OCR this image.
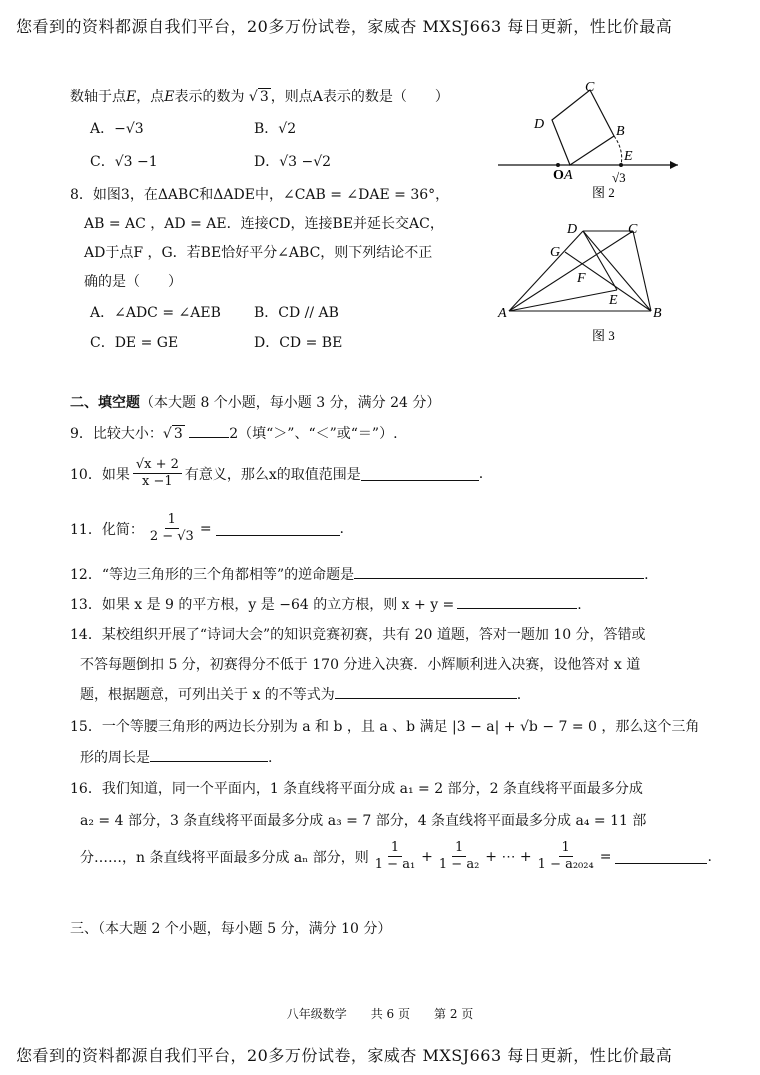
您看到的资料都源自我们平台，20多万份试卷，家威杏 MXSJ663 每日更新，性比价最高
数轴于点E，点E表示的数为 √ 3 ，则点A表示的数是（　　）
A．−√3	B．√2
C．√3 −1	D．√3 −√2
8．如图3，在ΔABC和ΔADE中，∠CAB = ∠DAE = 36°，
AB = AC ，AD = AE．连接CD，连接BE并延长交AC，
AD于点F ，G．若BE恰好平分∠ABC，则下列结论不正
确的是（　　）
A．∠ADC = ∠AEB B．CD // AB
C．DE = GE	D．CD = BE
C
D	B
E
O A	√3
图 2
D	C
G
F
E
A	B
图 3
二、填空题（本大题 8 个小题，每小题 3 分，满分 24 分）
9．比较大小：√ 3	2（填“＞”、“＜”或“＝”）.
10．如果 $\frac{√x + 2}{x -1}$ 有意义，那么x的取值范围是	.
11．化简： $\frac{1}{2 - √3}$ =	.
12．“等边三角形的三个角都相等”的逆命题是	.
13．如果 x 是 9 的平方根，y 是 −64 的立方根，则 x + y =	.
14．某校组织开展了“诗词大会”的知识竞赛初赛，共有 20 道题，答对一题加 10 分，答错或
不答每题倒扣 5 分，初赛得分不低于 170 分进入决赛．小辉顺利进入决赛，设他答对 x 道
题，根据题意，可列出关于 x 的不等式为	.
15．一个等腰三角形的两边长分别为 a 和 b ，且 a 、b 满足 |3 − a| + √b − 7 = 0 ，那么这个三角
形的周长是	.
16．我们知道，同一个平面内，1 条直线将平面分成 a₁ = 2 部分，2 条直线将平面最多分成
a₂ = 4 部分，3 条直线将平面最多分成 a₃ = 7 部分，4 条直线将平面最多分成 a₄ = 11 部
分……，n 条直线将平面最多分成 aₙ 部分，则 $\frac{1}{\text{1 − a₁}} + \frac{1}{\text{1 − a₂}}$ + ⋯ + $\frac{1}{\text{1 − a₂₀₂₄}}$ =	.
三、（本大题 2 个小题，每小题 5 分，满分 10 分）
八年级数学　　共 6 页　　第 2 页
您看到的资料都源自我们平台，20多万份试卷，家威杏 MXSJ663 每日更新，性比价最高
